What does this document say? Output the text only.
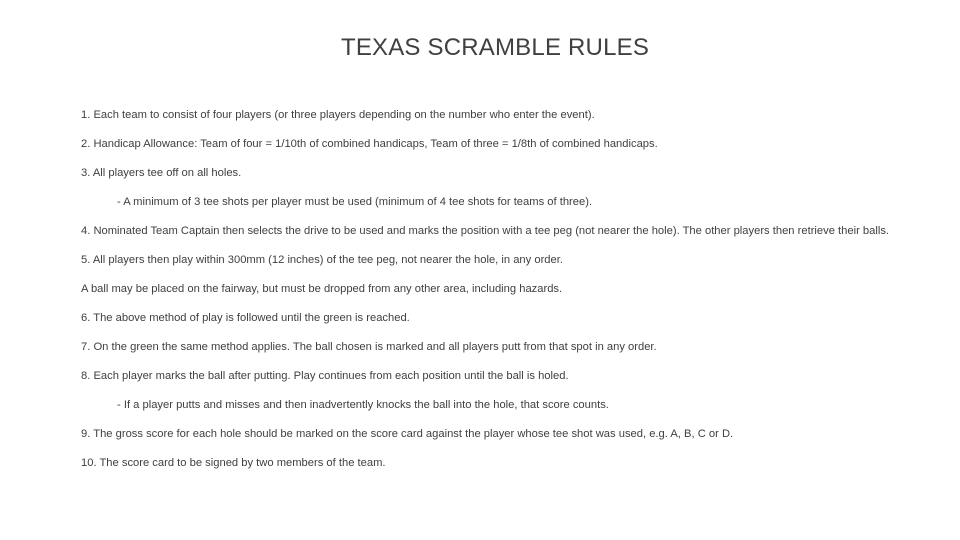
TEXAS SCRAMBLE RULES
1. Each team to consist of four players (or three players depending on the number who enter the event).
2. Handicap Allowance: Team of four = 1/10th of combined handicaps, Team of three = 1/8th of combined handicaps.
3. All players tee off on all holes.
- A minimum of 3 tee shots per player must be used (minimum of 4 tee shots for teams of three).
4. Nominated Team Captain then selects the drive to be used and marks the position with a tee peg (not nearer the hole). The other players then retrieve their balls.
5. All players then play within 300mm (12 inches) of the tee peg, not nearer the hole, in any order.
A ball may be placed on the fairway, but must be dropped from any other area, including hazards.
6. The above method of play is followed until the green is reached.
7. On the green the same method applies. The ball chosen is marked and all players putt from that spot in any order.
8. Each player marks the ball after putting. Play continues from each position until the ball is holed.
- If a player putts and misses and then inadvertently knocks the ball into the hole, that score counts.
9. The gross score for each hole should be marked on the score card against the player whose tee shot was used, e.g. A, B, C or D.
10. The score card to be signed by two members of the team.
